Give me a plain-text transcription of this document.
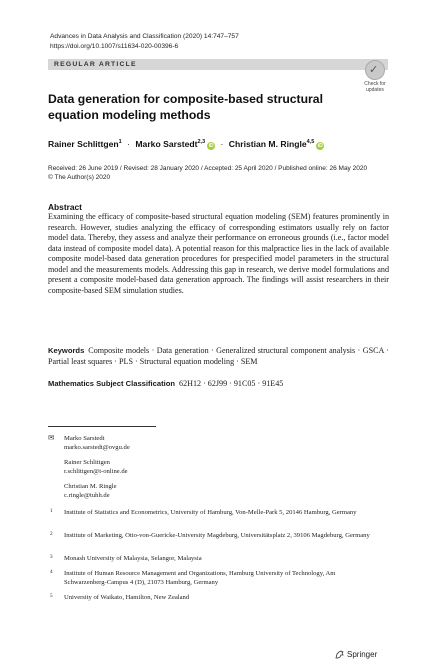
Advances in Data Analysis and Classification (2020) 14:747–757
https://doi.org/10.1007/s11634-020-00396-6
REGULAR ARTICLE	✓
Check for
updates
Data generation for composite-based structural equation modeling methods
Rainer Schlittgen$^1$ · Marko Sarstedt$^{2,3}$iD · Christian M. Ringle$^{4,5}$iD
Received: 26 June 2019 / Revised: 28 January 2020 / Accepted: 25 April 2020 / Published online: 26 May 2020
© The Author(s) 2020
Abstract

Examining the efficacy of composite-based structural equation modeling (SEM) features prominently in research. However, studies analyzing the efficacy of corresponding estimators usually rely on factor model data. Thereby, they assess and analyze their performance on erroneous grounds (i.e., factor model data instead of composite model data). A potential reason for this malpractice lies in the lack of available composite model-based data generation procedures for prespecified model parameters in the structural model and the measurements models. Addressing this gap in research, we derive model formulations and present a composite model-based data generation approach. The findings will assist researchers in their composite-based SEM simulation studies.

Keywords Composite models · Data generation · Generalized structural component analysis · GSCA · Partial least squares · PLS · Structural equation modeling · SEM

Mathematics Subject Classification 62H12 · 62J99 · 91C05 · 91E45
✉ Marko Sarstedt
marko.sarstedt@ovgu.de
Rainer Schlittgen
r.schlittgen@t-online.de
Christian M. Ringle
c.ringle@tuhh.de
1 Institute of Statistics and Econometrics, University of Hamburg, Von-Melle-Park 5, 20146 Hamburg, Germany
2 Institute of Marketing, Otto-von-Guericke-University Magdeburg, Universitätsplatz 2, 39106 Magdeburg, Germany
3 Monash University of Malaysia, Selangor, Malaysia
4 Institute of Human Resource Management and Organizations, Hamburg University of Technology, Am Schwarzenberg-Campus 4 (D), 21073 Hamburg, Germany
5 University of Waikato, Hamilton, New Zealand
Springer
